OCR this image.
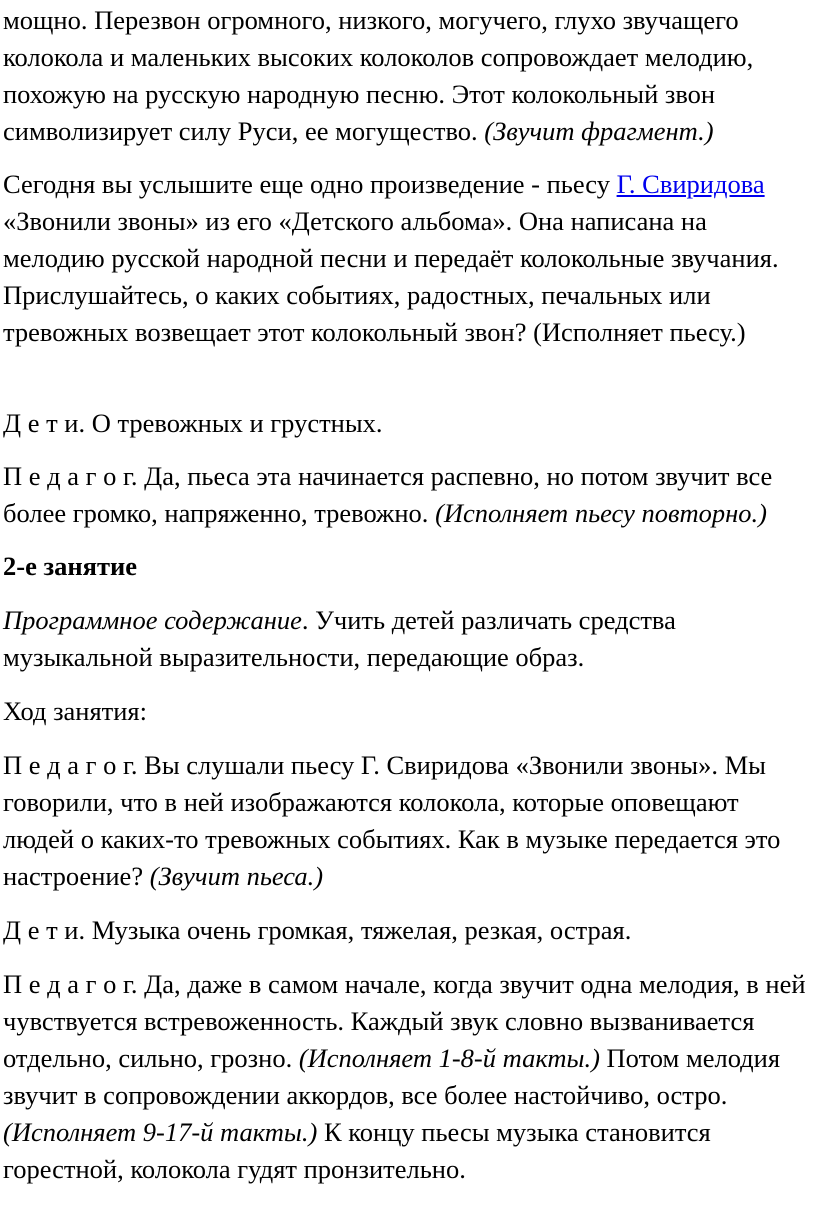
мощно. Перезвон огромного, низкого, могучего, глухо звучащего колокола и маленьких высоких колоколов сопровождает мелодию, похожую на русскую народную песню. Этот колокольный звон символизирует силу Руси, ее могущество. (Звучит фрагмент.)

Сегодня вы услышите еще одно произведение - пьесу Г. Свиридова «Звонили звоны» из его «Детского альбома». Она написана на мелодию русской народной песни и передаёт колокольные звучания. Прислушайтесь, о каких событиях, радостных, печальных или тревожных возвещает этот колокольный звон? (Исполняет пьесу.)

Д е т и. О тревожных и грустных.

П е д а г о г. Да, пьеса эта начинается распевно, но потом звучит все более громко, напряженно, тревожно. (Исполняет пьесу повторно.)

2-е занятие

Программное содержание. Учить детей различать средства музыкальной выразительности, передающие образ.

Ход занятия:

П е д а г о г. Вы слушали пьесу Г. Свиридова «Звонили звоны». Мы говорили, что в ней изображаются колокола, которые оповещают людей о каких-то тревожных событиях. Как в музыке передается это настроение? (Звучит пьеса.)

Д е т и. Музыка очень громкая, тяжелая, резкая, острая.

П е д а г о г. Да, даже в самом начале, когда звучит одна мелодия, в ней чувствуется встревоженность. Каждый звук словно вызванивается отдельно, сильно, грозно. (Исполняет 1-8-й такты.) Потом мелодия звучит в сопровождении аккордов, все более настойчиво, остро. (Исполняет 9-17-й такты.) К концу пьесы музыка становится горестной, колокола гудят пронзительно.
